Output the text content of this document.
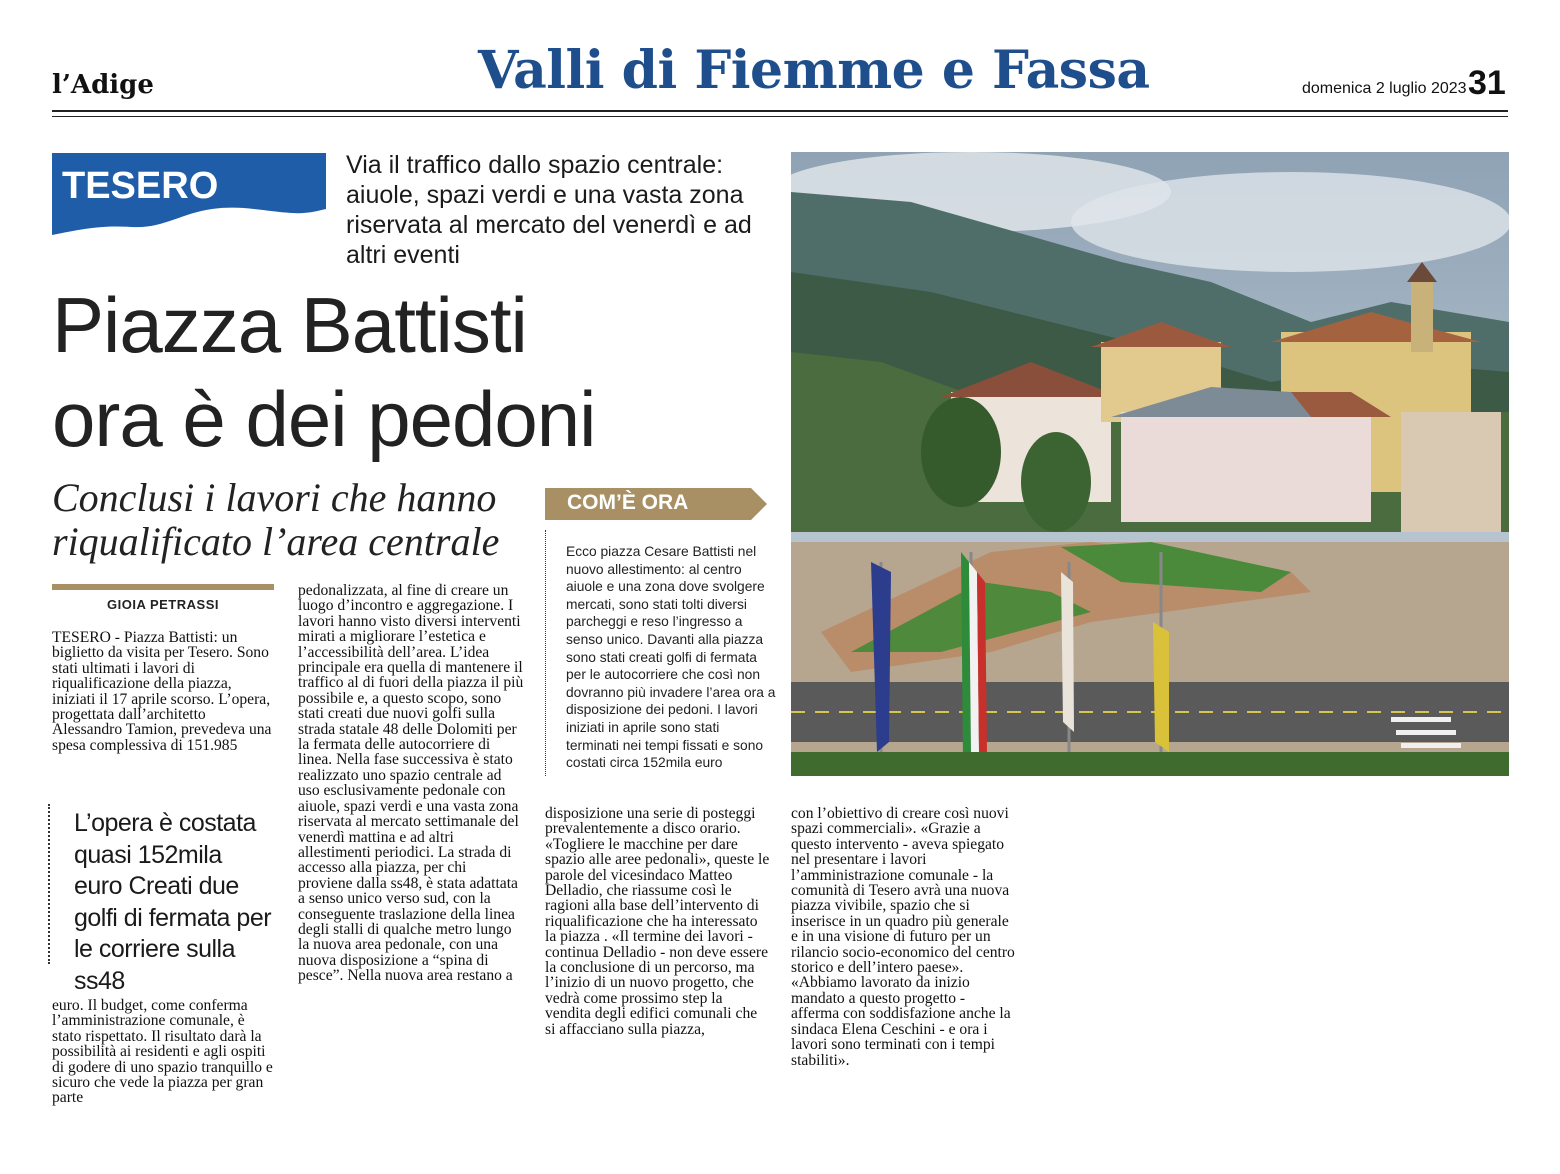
l’Adige	Valli di Fiemme e Fassa	domenica 2 luglio 2023 31
TESERO	Via il traffico dallo spazio centrale: aiuole, spazi verdi e una vasta zona riservata al mercato del venerdì e ad altri eventi
Piazza Battisti
ora è dei pedoni
Conclusi i lavori che hanno riqualificato l’area centrale
GIOIA PETRASSI

TESERO - Piazza Battisti: un biglietto da visita per Tesero. Sono stati ultimati i lavori di riqualificazione della piazza, iniziati il 17 aprile scorso. L’opera, progettata dall’architetto Alessandro Tamion, prevedeva una spesa complessiva di 151.985

L’opera è costata quasi 152mila euro Creati due golfi di fermata per le corriere sulla ss48

euro. Il budget, come conferma l’amministrazione comunale, è stato rispettato. Il risultato darà la possibilità ai residenti e agli ospiti di godere di uno spazio tranquillo e sicuro che vede la piazza per gran parte

pedonalizzata, al fine di creare un luogo d’incontro e aggregazione. I lavori hanno visto diversi interventi mirati a migliorare l’estetica e l’accessibilità dell’area. L’idea principale era quella di mantenere il traffico al di fuori della piazza il più possibile e, a questo scopo, sono stati creati due nuovi golfi sulla strada statale 48 delle Dolomiti per la fermata delle autocorriere di linea. Nella fase successiva è stato realizzato uno spazio centrale ad uso esclusivamente pedonale con aiuole, spazi verdi e una vasta zona riservata al mercato settimanale del venerdì mattina e ad altri allestimenti periodici. La strada di accesso alla piazza, per chi proviene dalla ss48, è stata adattata a senso unico verso sud, con la conseguente traslazione della linea degli stalli di qualche metro lungo la nuova area pedonale, con una nuova disposizione a “spina di pesce”. Nella nuova area restano a

COM’È ORA
Ecco piazza Cesare Battisti nel nuovo allestimento: al centro aiuole e una zona dove svolgere mercati, sono stati tolti diversi parcheggi e reso l’ingresso a senso unico. Davanti alla piazza sono stati creati golfi di fermata per le autocorriere che così non dovranno più invadere l’area ora a disposizione dei pedoni. I lavori iniziati in aprile sono stati terminati nei tempi fissati e sono costati circa 152mila euro

disposizione una serie di posteggi prevalentemente a disco orario. «Togliere le macchine per dare spazio alle aree pedonali», queste le parole del vicesindaco Matteo Delladio, che riassume così le ragioni alla base dell’intervento di riqualificazione che ha interessato la piazza . «Il termine dei lavori - continua Delladio - non deve essere la conclusione di un percorso, ma l’inizio di un nuovo progetto, che vedrà come prossimo step la vendita degli edifici comunali che si affacciano sulla piazza,

con l’obiettivo di creare così nuovi spazi commerciali». «Grazie a questo intervento - aveva spiegato nel presentare i lavori l’amministrazione comunale - la comunità di Tesero avrà una nuova piazza vivibile, spazio che si inserisce in un quadro più generale e in una visione di futuro per un rilancio socio-economico del centro storico e dell’intero paese». «Abbiamo lavorato da inizio mandato a questo progetto - afferma con soddisfazione anche la sindaca Elena Ceschini - e ora i lavori sono terminati con i tempi stabiliti».
